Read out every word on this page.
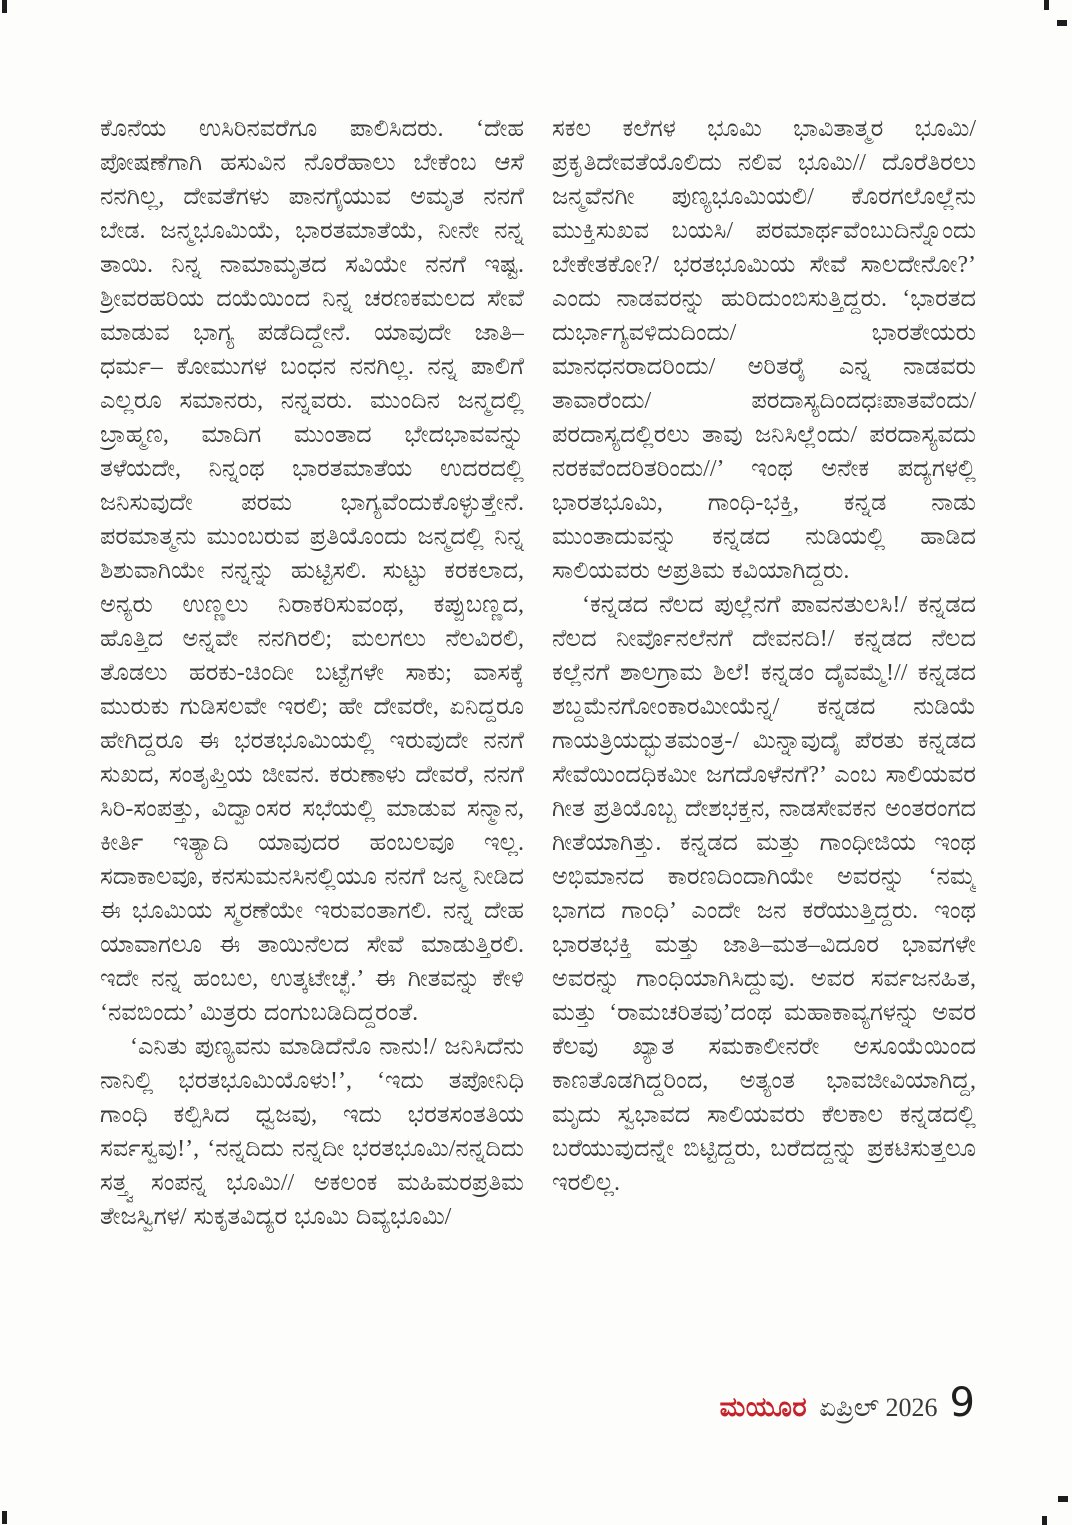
ಕೊನೆಯ ಉಸಿರಿನವರೆಗೂ ಪಾಲಿಸಿದರು. ‘ದೇಹ ಪೋಷಣೆಗಾಗಿ ಹಸುವಿನ ನೊರೆಹಾಲು ಬೇಕೆಂಬ ಆಸೆ ನನಗಿಲ್ಲ, ದೇವತೆಗಳು ಪಾನಗೈಯುವ ಅಮೃತ ನನಗೆ ಬೇಡ. ಜನ್ಮಭೂಮಿಯೆ, ಭಾರತಮಾತೆಯೆ, ನೀನೇ ನನ್ನ ತಾಯಿ. ನಿನ್ನ ನಾಮಾಮೃತದ ಸವಿಯೇ ನನಗೆ ಇಷ್ಟ. ಶ್ರೀವರಹರಿಯ ದಯೆಯಿಂದ ನಿನ್ನ ಚರಣಕಮಲದ ಸೇವೆ ಮಾಡುವ ಭಾಗ್ಯ ಪಡೆದಿದ್ದೇನೆ. ಯಾವುದೇ ಜಾತಿ– ಧರ್ಮ– ಕೋಮುಗಳ ಬಂಧನ ನನಗಿಲ್ಲ. ನನ್ನ ಪಾಲಿಗೆ ಎಲ್ಲರೂ ಸಮಾನರು, ನನ್ನವರು. ಮುಂದಿನ ಜನ್ಮದಲ್ಲಿ ಬ್ರಾಹ್ಮಣ, ಮಾದಿಗ ಮುಂತಾದ ಭೇದಭಾವವನ್ನು ತಳೆಯದೇ, ನಿನ್ನಂಥ ಭಾರತಮಾತೆಯ ಉದರದಲ್ಲಿ ಜನಿಸುವುದೇ ಪರಮ ಭಾಗ್ಯವೆಂದುಕೊಳ್ಳುತ್ತೇನೆ. ಪರಮಾತ್ಮನು ಮುಂಬರುವ ಪ್ರತಿಯೊಂದು ಜನ್ಮದಲ್ಲಿ ನಿನ್ನ ಶಿಶುವಾಗಿಯೇ ನನ್ನನ್ನು ಹುಟ್ಟಿಸಲಿ. ಸುಟ್ಟು ಕರಕಲಾದ, ಅನ್ಯರು ಉಣ್ಣಲು ನಿರಾಕರಿಸುವಂಥ, ಕಪ್ಪುಬಣ್ಣದ, ಹೊತ್ತಿದ ಅನ್ನವೇ ನನಗಿರಲಿ; ಮಲಗಲು ನೆಲವಿರಲಿ, ತೊಡಲು ಹರಕು-ಚಿಂದೀ ಬಟ್ಟೆಗಳೇ ಸಾಕು; ವಾಸಕ್ಕೆ ಮುರುಕು ಗುಡಿಸಲವೇ ಇರಲಿ; ಹೇ ದೇವರೇ, ಏನಿದ್ದರೂ ಹೇಗಿದ್ದರೂ ಈ ಭರತಭೂಮಿಯಲ್ಲಿ ಇರುವುದೇ ನನಗೆ ಸುಖದ, ಸಂತೃಪ್ತಿಯ ಜೀವನ. ಕರುಣಾಳು ದೇವರೆ, ನನಗೆ ಸಿರಿ-ಸಂಪತ್ತು, ವಿದ್ವಾಂಸರ ಸಭೆಯಲ್ಲಿ ಮಾಡುವ ಸನ್ಮಾನ, ಕೀರ್ತಿ ಇತ್ಯಾದಿ ಯಾವುದರ ಹಂಬಲವೂ ಇಲ್ಲ. ಸದಾಕಾಲವೂ, ಕನಸುಮನಸಿನಲ್ಲಿಯೂ ನನಗೆ ಜನ್ಮ ನೀಡಿದ ಈ ಭೂಮಿಯ ಸ್ಮರಣೆಯೇ ಇರುವಂತಾಗಲಿ. ನನ್ನ ದೇಹ ಯಾವಾಗಲೂ ಈ ತಾಯಿನೆಲದ ಸೇವೆ ಮಾಡುತ್ತಿರಲಿ. ಇದೇ ನನ್ನ ಹಂಬಲ, ಉತ್ಕಟೇಚ್ಛೆ.’ ಈ ಗೀತವನ್ನು ಕೇಳಿ ‘ನವಬಿಂದು’ ಮಿತ್ರರು ದಂಗುಬಡಿದಿದ್ದರಂತೆ.

‘ಎನಿತು ಪುಣ್ಯವನು ಮಾಡಿದೆನೊ ನಾನು!/ ಜನಿಸಿದೆನು ನಾನಿಲ್ಲಿ ಭರತಭೂಮಿಯೊಳು!’, ‘ಇದು ತಪೋನಿಧಿ ಗಾಂಧಿ ಕಲ್ಪಿಸಿದ ಧ್ವಜವು, ಇದು ಭರತಸಂತತಿಯ ಸರ್ವಸ್ವವು!’, ‘ನನ್ನದಿದು ನನ್ನದೀ ಭರತಭೂಮಿ/ನನ್ನದಿದು ಸತ್ತ್ವ ಸಂಪನ್ನ ಭೂಮಿ// ಅಕಲಂಕ ಮಹಿಮರಪ್ರತಿಮ ತೇಜಸ್ವಿಗಳ/ ಸುಕೃತವಿದ್ಯರ ಭೂಮಿ ದಿವ್ಯಭೂಮಿ/

ಸಕಲ ಕಲೆಗಳ ಭೂಮಿ ಭಾವಿತಾತ್ಮರ ಭೂಮಿ/ ಪ್ರಕೃತಿದೇವತೆಯೊಲಿದು ನಲಿವ ಭೂಮಿ// ದೊರೆತಿರಲು ಜನ್ಮವೆನಗೀ ಪುಣ್ಯಭೂಮಿಯಲಿ/ ಕೊರಗಲೊಲ್ಲೆನು ಮುಕ್ತಿಸುಖವ ಬಯಸಿ/ ಪರಮಾರ್ಥವೆಂಬುದಿನ್ನೊಂದು ಬೇಕೇತಕೋ?/ ಭರತಭೂಮಿಯ ಸೇವೆ ಸಾಲದೇನೋ?’ ಎಂದು ನಾಡವರನ್ನು ಹುರಿದುಂಬಿಸುತ್ತಿದ್ದರು. ‘ಭಾರತದ ದುರ್ಭಾಗ್ಯವಳಿದುದಿಂದು/ ಭಾರತೇಯರು ಮಾನಧನರಾದರಿಂದು/ ಅರಿತರೈ ಎನ್ನ ನಾಡವರು ತಾವಾರೆಂದು/ ಪರದಾಸ್ಯದಿಂದಧಃಪಾತವೆಂದು/ ಪರದಾಸ್ಯದಲ್ಲಿರಲು ತಾವು ಜನಿಸಿಲ್ಲೆಂದು/ ಪರದಾಸ್ಯವದು ನರಕವೆಂದರಿತರಿಂದು//’ ಇಂಥ ಅನೇಕ ಪದ್ಯಗಳಲ್ಲಿ ಭಾರತಭೂಮಿ, ಗಾಂಧಿ-ಭಕ್ತಿ, ಕನ್ನಡ ನಾಡು ಮುಂತಾದುವನ್ನು ಕನ್ನಡದ ನುಡಿಯಲ್ಲಿ ಹಾಡಿದ ಸಾಲಿಯವರು ಅಪ್ರತಿಮ ಕವಿಯಾಗಿದ್ದರು.

‘ಕನ್ನಡದ ನೆಲದ ಪುಲ್ಲೆನಗೆ ಪಾವನತುಲಸಿ!/ ಕನ್ನಡದ ನೆಲದ ನೀರ್ವೊನಲೆನಗೆ ದೇವನದಿ!/ ಕನ್ನಡದ ನೆಲದ ಕಲ್ಲೆನಗೆ ಶಾಲಗ್ರಾಮ ಶಿಲೆ! ಕನ್ನಡಂ ದೈವಮ್ಮೆ!// ಕನ್ನಡದ ಶಬ್ದಮೆನಗೋಂಕಾರಮೀಯೆನ್ನ/ ಕನ್ನಡದ ನುಡಿಯೆ ಗಾಯತ್ರಿಯದ್ಭುತಮಂತ್ರ-/ ಮಿನ್ನಾವುದೈ ಪೆರತು ಕನ್ನಡದ ಸೇವೆಯಿಂದಧಿಕಮೀ ಜಗದೊಳೆನಗೆ?’ ಎಂಬ ಸಾಲಿಯವರ ಗೀತ ಪ್ರತಿಯೊಬ್ಬ ದೇಶಭಕ್ತನ, ನಾಡಸೇವಕನ ಅಂತರಂಗದ ಗೀತೆಯಾಗಿತ್ತು. ಕನ್ನಡದ ಮತ್ತು ಗಾಂಧೀಜಿಯ ಇಂಥ ಅಭಿಮಾನದ ಕಾರಣದಿಂದಾಗಿಯೇ ಅವರನ್ನು ‘ನಮ್ಮ ಭಾಗದ ಗಾಂಧಿ’ ಎಂದೇ ಜನ ಕರೆಯುತ್ತಿದ್ದರು. ಇಂಥ ಭಾರತಭಕ್ತಿ ಮತ್ತು ಜಾತಿ–ಮತ–ವಿದೂರ ಭಾವಗಳೇ ಅವರನ್ನು ಗಾಂಧಿಯಾಗಿಸಿದ್ದುವು. ಅವರ ಸರ್ವಜನಹಿತ, ಮತ್ತು ‘ರಾಮಚರಿತವು’ದಂಥ ಮಹಾಕಾವ್ಯಗಳನ್ನು ಅವರ ಕೆಲವು ಖ್ಯಾತ ಸಮಕಾಲೀನರೇ ಅಸೂಯೆಯಿಂದ ಕಾಣತೊಡಗಿದ್ದರಿಂದ, ಅತ್ಯಂತ ಭಾವಜೀವಿಯಾಗಿದ್ದ, ಮೃದು ಸ್ವಭಾವದ ಸಾಲಿಯವರು ಕೆಲಕಾಲ ಕನ್ನಡದಲ್ಲಿ ಬರೆಯುವುದನ್ನೇ ಬಿಟ್ಟಿದ್ದರು, ಬರೆದದ್ದನ್ನು ಪ್ರಕಟಿಸುತ್ತಲೂ ಇರಲಿಲ್ಲ.

ಮಯೂರ ಏಪ್ರಿಲ್ 2026 9
